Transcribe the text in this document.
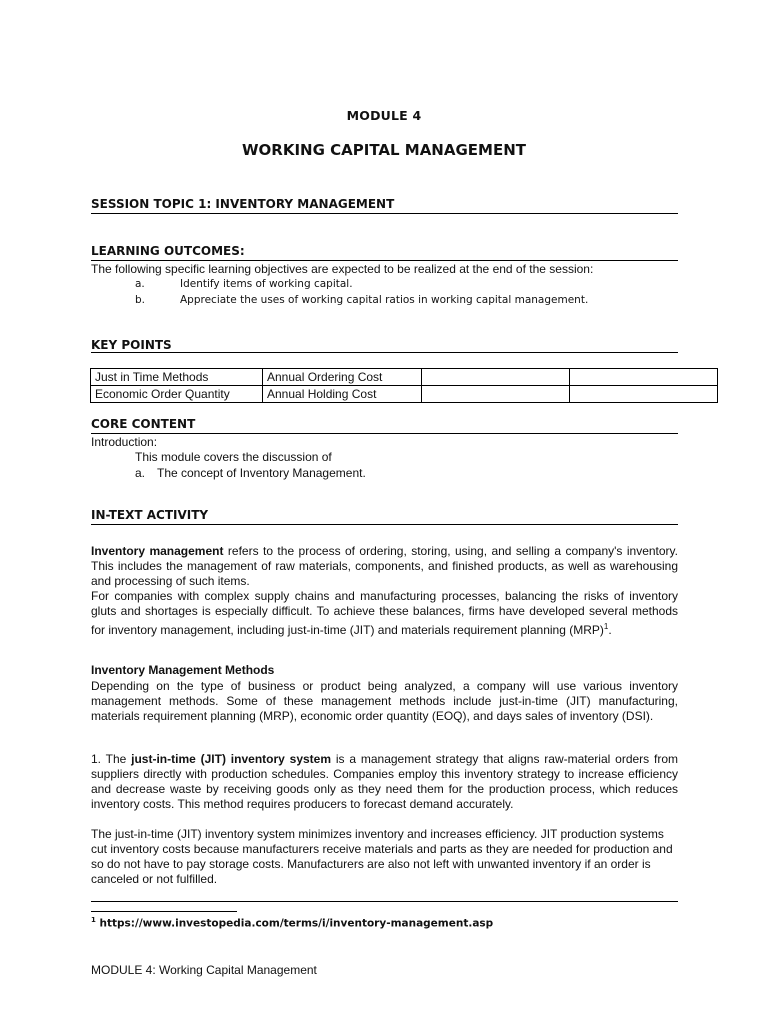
MODULE 4
WORKING CAPITAL MANAGEMENT
SESSION TOPIC 1: INVENTORY MANAGEMENT
LEARNING OUTCOMES:
The following specific learning objectives are expected to be realized at the end of the session:
a.	Identify items of working capital.
b.	Appreciate the uses of working capital ratios in working capital management.
KEY POINTS
Just in Time Methods	Annual Ordering Cost		
Economic Order Quantity	Annual Holding Cost		
CORE CONTENT
Introduction:
This module covers the discussion of
a. The concept of Inventory Management.
IN-TEXT ACTIVITY

Inventory management refers to the process of ordering, storing, using, and selling a company's inventory. This includes the management of raw materials, components, and finished products, as well as warehousing and processing of such items.

For companies with complex supply chains and manufacturing processes, balancing the risks of inventory gluts and shortages is especially difficult. To achieve these balances, firms have developed several methods for inventory management, including just-in-time (JIT) and materials requirement planning (MRP)$^1$.

Inventory Management Methods
Depending on the type of business or product being analyzed, a company will use various inventory management methods. Some of these management methods include just-in-time (JIT) manufacturing, materials requirement planning (MRP), economic order quantity (EOQ), and days sales of inventory (DSI).
1. The just-in-time (JIT) inventory system is a management strategy that aligns raw-material orders from suppliers directly with production schedules. Companies employ this inventory strategy to increase efficiency and decrease waste by receiving goods only as they need them for the production process, which reduces inventory costs. This method requires producers to forecast demand accurately.
The just-in-time (JIT) inventory system minimizes inventory and increases efficiency. JIT production systems cut inventory costs because manufacturers receive materials and parts as they are needed for production and so do not have to pay storage costs. Manufacturers are also not left with unwanted inventory if an order is canceled or not fulfilled.
$^1$ https://www.investopedia.com/terms/i/inventory-management.asp
MODULE 4: Working Capital Management
